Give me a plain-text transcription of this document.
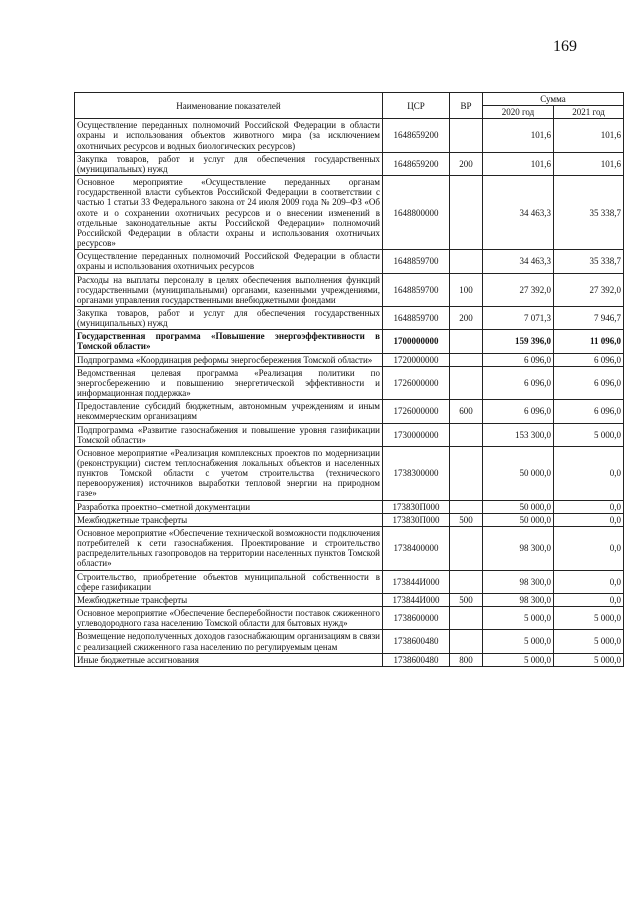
169
Наименование показателей	ЦСР	ВР	Сумма	
			2020 год	2021 год
Осуществление переданных полномочий Российской Федерации в области охраны и использования объектов животного мира (за исключением охотничьих ресурсов и водных биологических ресурсов)	1648659200		101,6	101,6
Закупка товаров, работ и услуг для обеспечения государственных (муниципальных) нужд	1648659200	200	101,6	101,6
Основное мероприятие «Осуществление переданных органам государственной власти субъектов Российской Федерации в соответствии с частью 1 статьи 33 Федерального закона от 24 июля 2009 года № 209–ФЗ «Об охоте и о сохранении охотничьих ресурсов и о внесении изменений в отдельные законодательные акты Российской Федерации» полномочий Российской Федерации в области охраны и использования охотничьих ресурсов»	1648800000		34 463,3	35 338,7
Осуществление переданных полномочий Российской Федерации в области охраны и использования охотничьих ресурсов	1648859700		34 463,3	35 338,7
Расходы на выплаты персоналу в целях обеспечения выполнения функций государственными (муниципальными) органами, казенными учреждениями, органами управления государственными внебюджетными фондами	1648859700	100	27 392,0	27 392,0
Закупка товаров, работ и услуг для обеспечения государственных (муниципальных) нужд	1648859700	200	7 071,3	7 946,7
Государственная программа «Повышение энергоэффективности в Томской области»	1700000000		159 396,0	11 096,0
Подпрограмма «Координация реформы энергосбережения Томской области»	1720000000		6 096,0	6 096,0
Ведомственная целевая программа «Реализация политики по энергосбережению и повышению энергетической эффективности и информационная поддержка»	1726000000		6 096,0	6 096,0
Предоставление субсидий бюджетным, автономным учреждениям и иным некоммерческим организациям	1726000000	600	6 096,0	6 096,0
Подпрограмма «Развитие газоснабжения и повышение уровня газификации Томской области»	1730000000		153 300,0	5 000,0
Основное мероприятие «Реализация комплексных проектов по модернизации (реконструкции) систем теплоснабжения локальных объектов и населенных пунктов Томской области с учетом строительства (технического перевооружения) источников выработки тепловой энергии на природном газе»	1738300000		50 000,0	0,0
Разработка проектно–сметной документации	173830П000		50 000,0	0,0
Межбюджетные трансферты	173830П000	500	50 000,0	0,0
Основное мероприятие «Обеспечение технической возможности подключения потребителей к сети газоснабжения. Проектирование и строительство распределительных газопроводов на территории населенных пунктов Томской области»	1738400000		98 300,0	0,0
Строительство, приобретение объектов муниципальной собственности в сфере газификации	173844И000		98 300,0	0,0
Межбюджетные трансферты	173844И000	500	98 300,0	0,0
Основное мероприятие «Обеспечение бесперебойности поставок сжиженного углеводородного газа населению Томской области для бытовых нужд»	1738600000		5 000,0	5 000,0
Возмещение недополученных доходов газоснабжающим организациям в связи с реализацией сжиженного газа населению по регулируемым ценам	1738600480		5 000,0	5 000,0
Иные бюджетные ассигнования	1738600480	800	5 000,0	5 000,0
